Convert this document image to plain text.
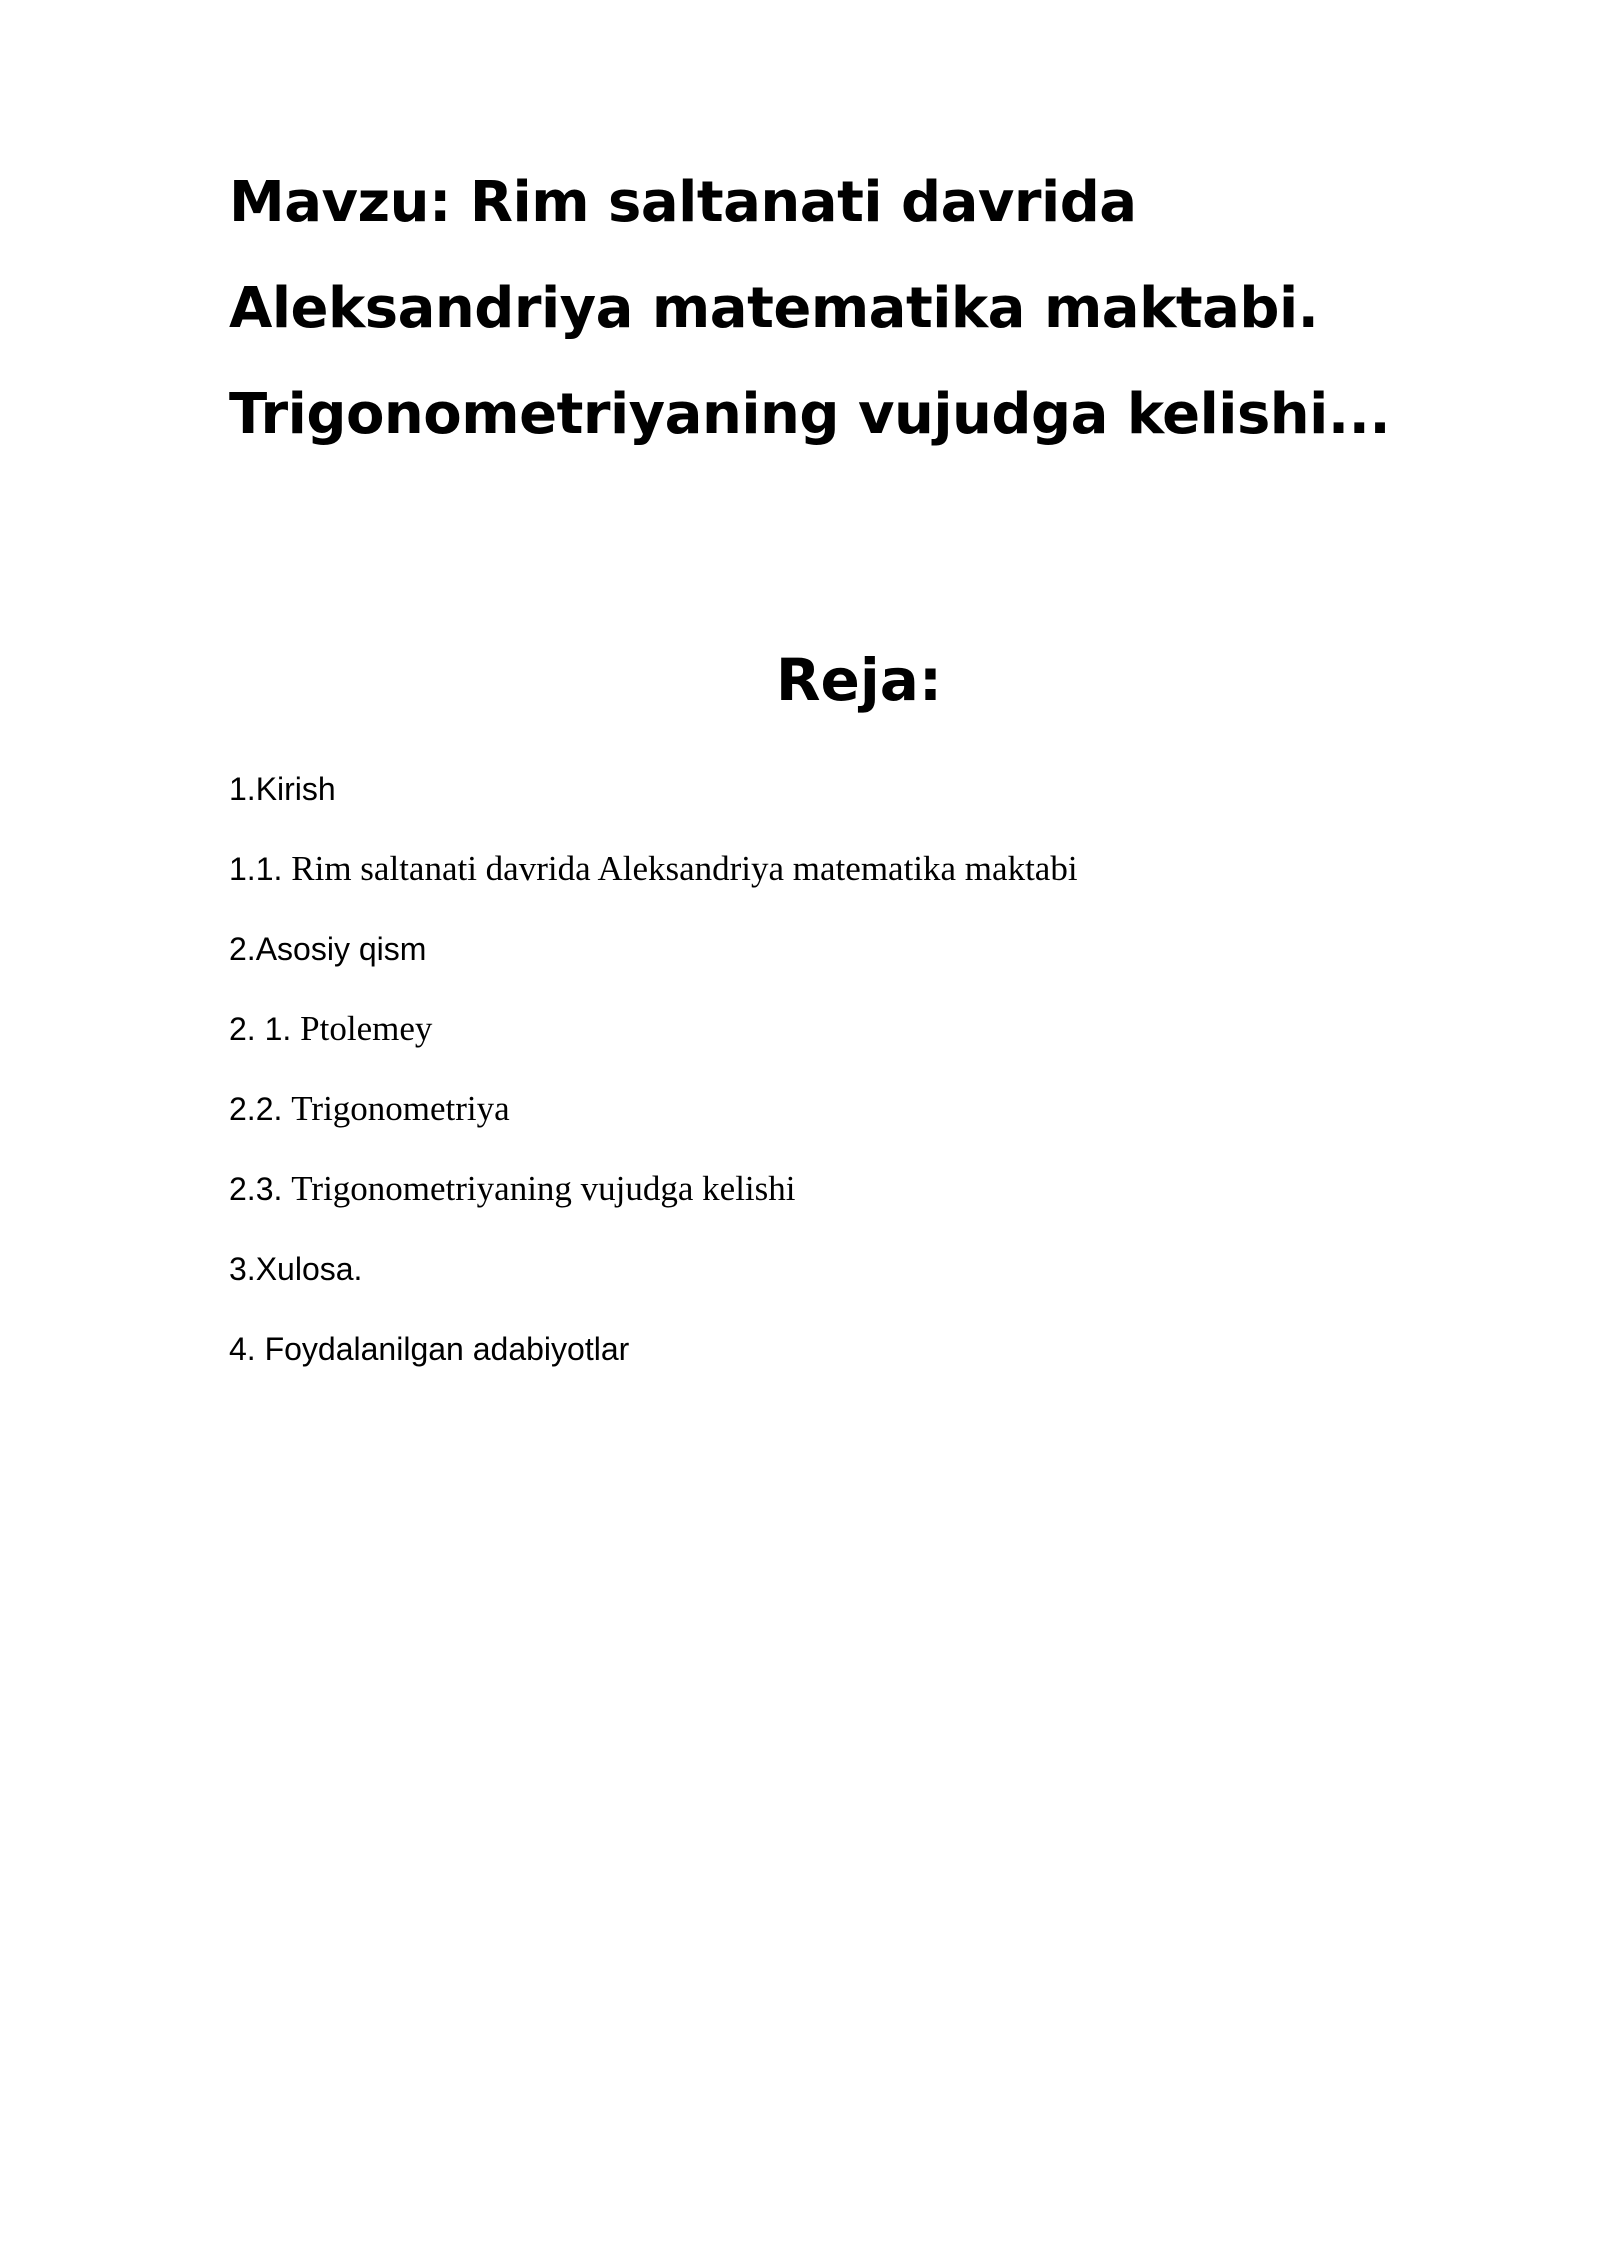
Mavzu: Rim saltanati davrida
Aleksandriya matematika maktabi.
Trigonometriyaning vujudga kelishi...
Reja:
1.Kirish
1.1. Rim saltanati davrida Aleksandriya matematika maktabi
2.Asosiy qism
2. 1. Ptolemey
2.2. Trigonometriya
2.3. Trigonometriyaning vujudga kelishi
3.Xulosa.
4. Foydalanilgan adabiyotlar
